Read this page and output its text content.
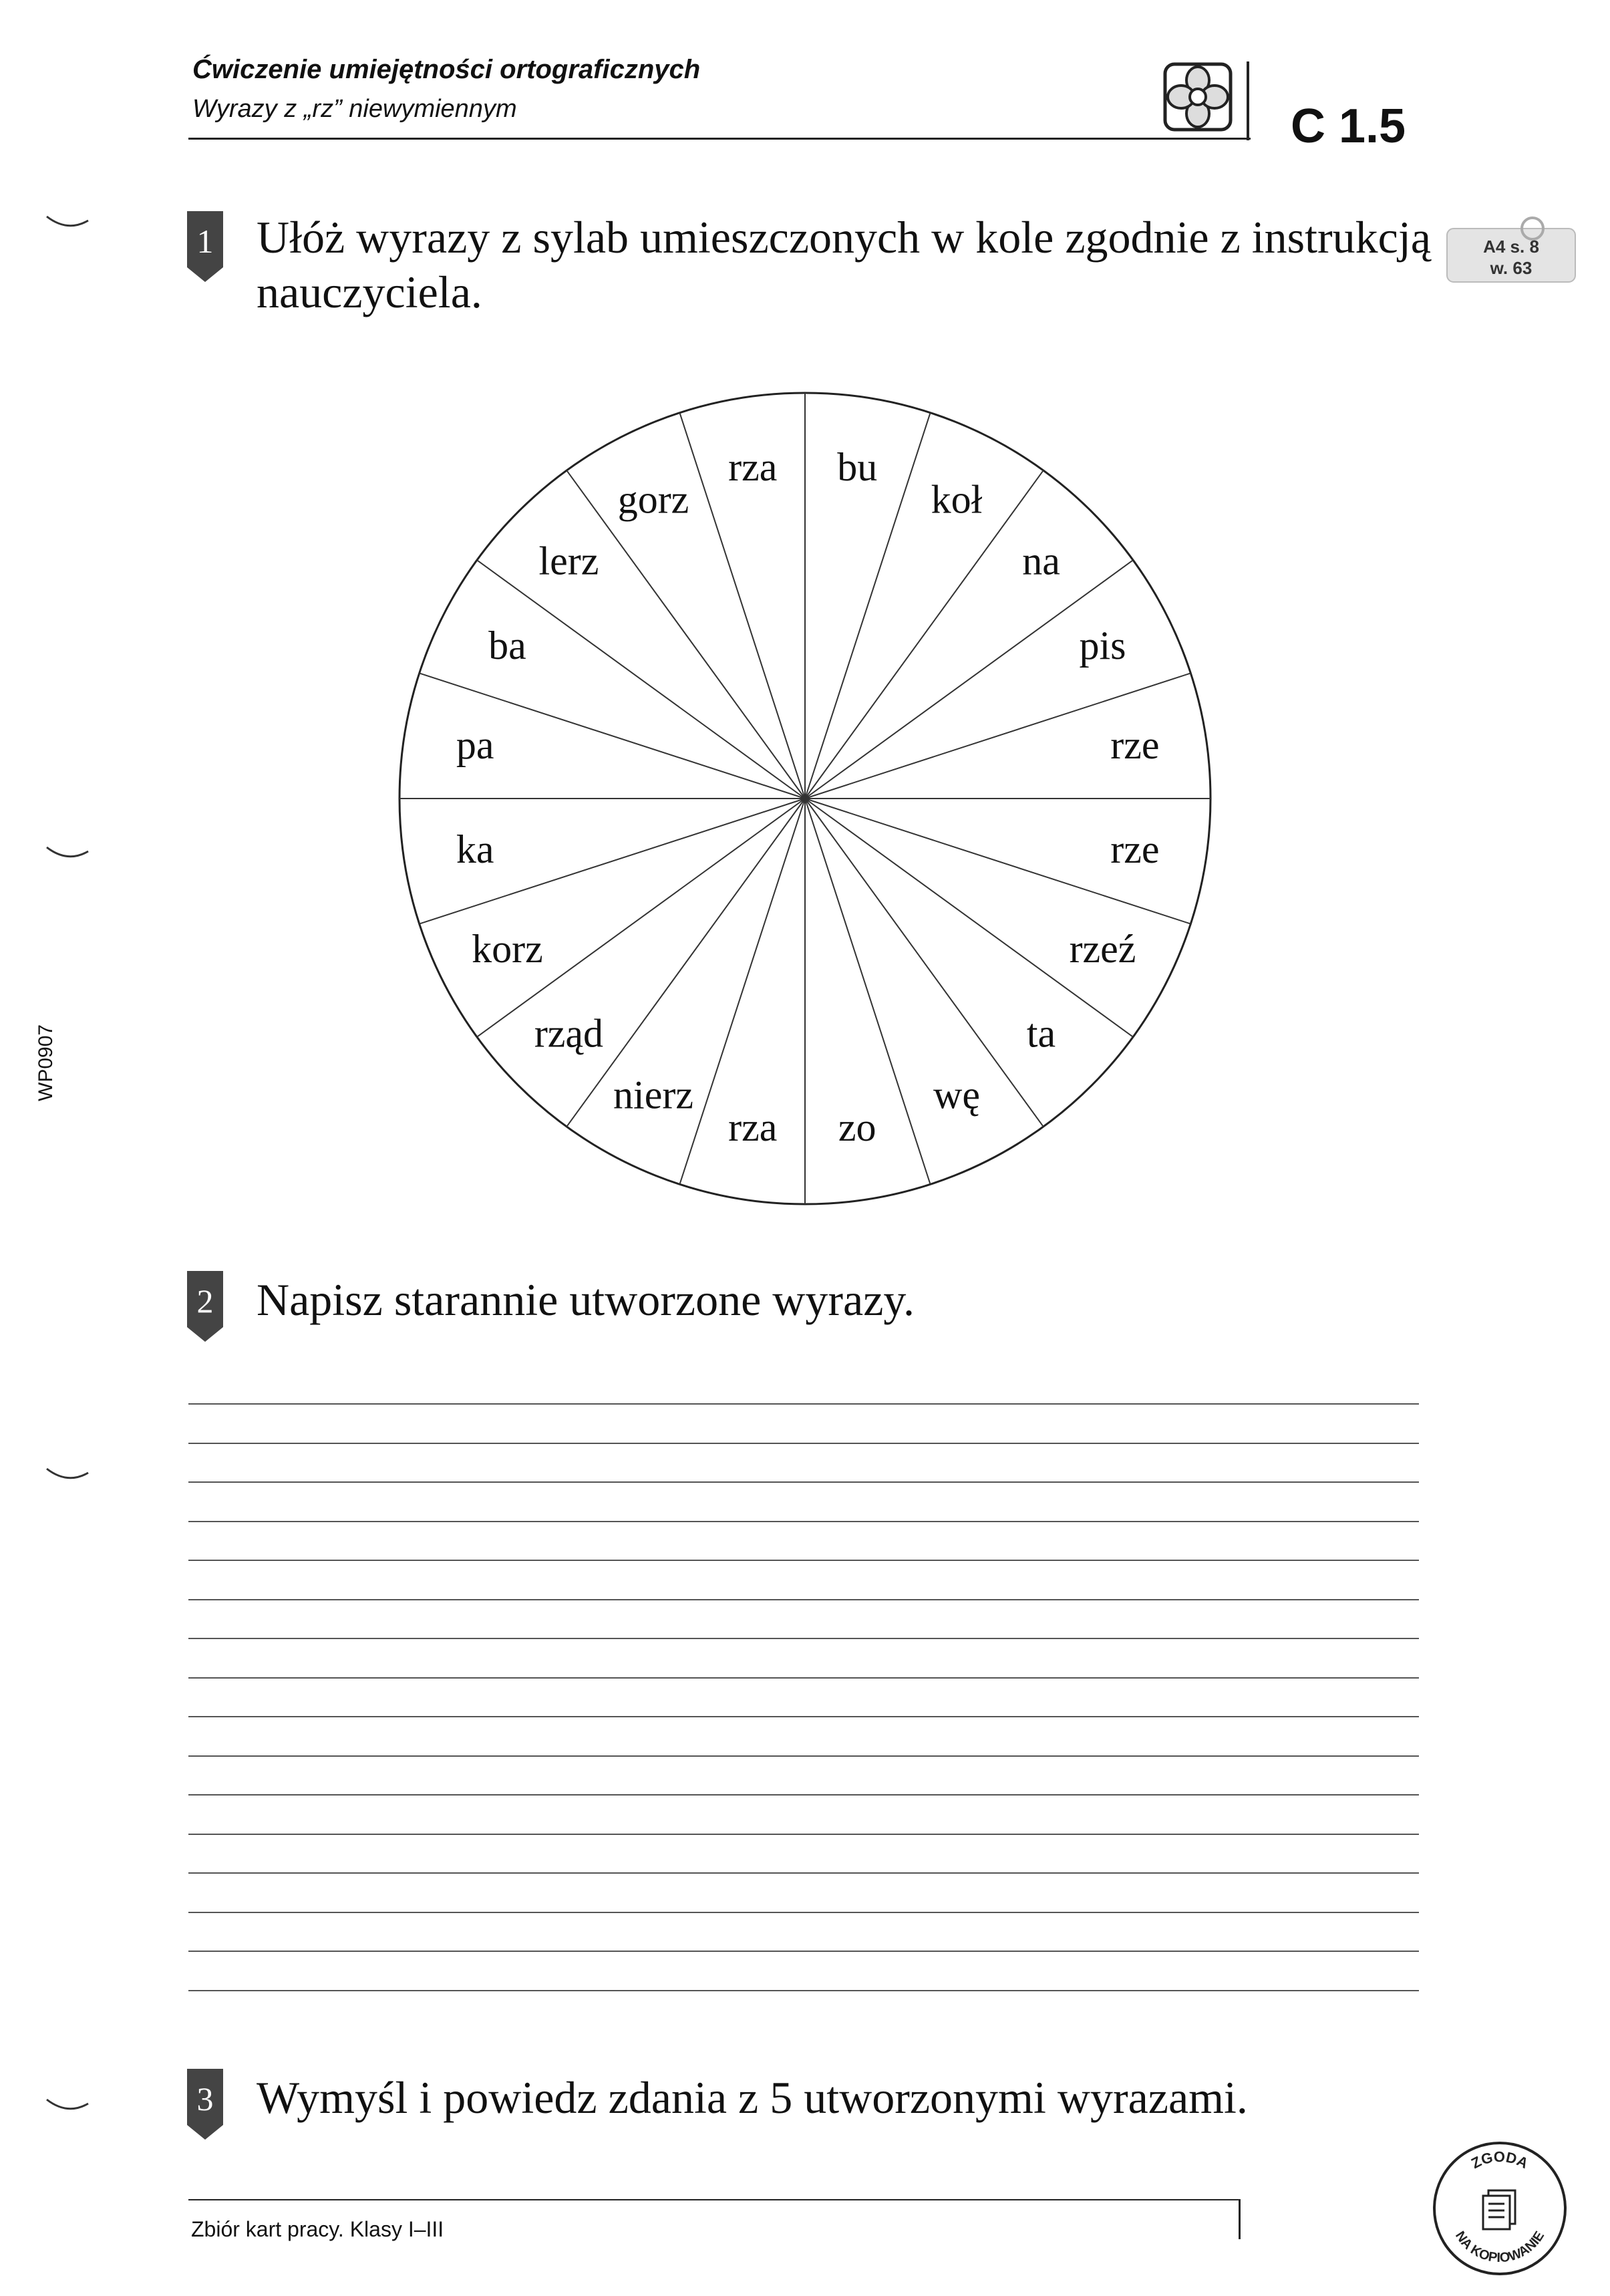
Ćwiczenie umiejętności ortograficznych
Wyrazy z „rz” niewymiennym	C 1.5
WP0907
1 Ułóż wyrazy z sylab umieszczonych w kole zgodnie z instrukcją nauczyciela.
A4 s. 8
w. 63
bu
koł
na
pis
rze
rze
rzeź
ta
wę
zo
rza
nierz
rząd
korz
ka
pa
ba
lerz
gorz
rza
2 Napisz starannie utworzone wyrazy.
3 Wymyśl i powiedz zdania z 5 utworzonymi wyrazami.
Zbiór kart pracy. Klasy I–III
ZGODA
NA KOPIOWANIE
